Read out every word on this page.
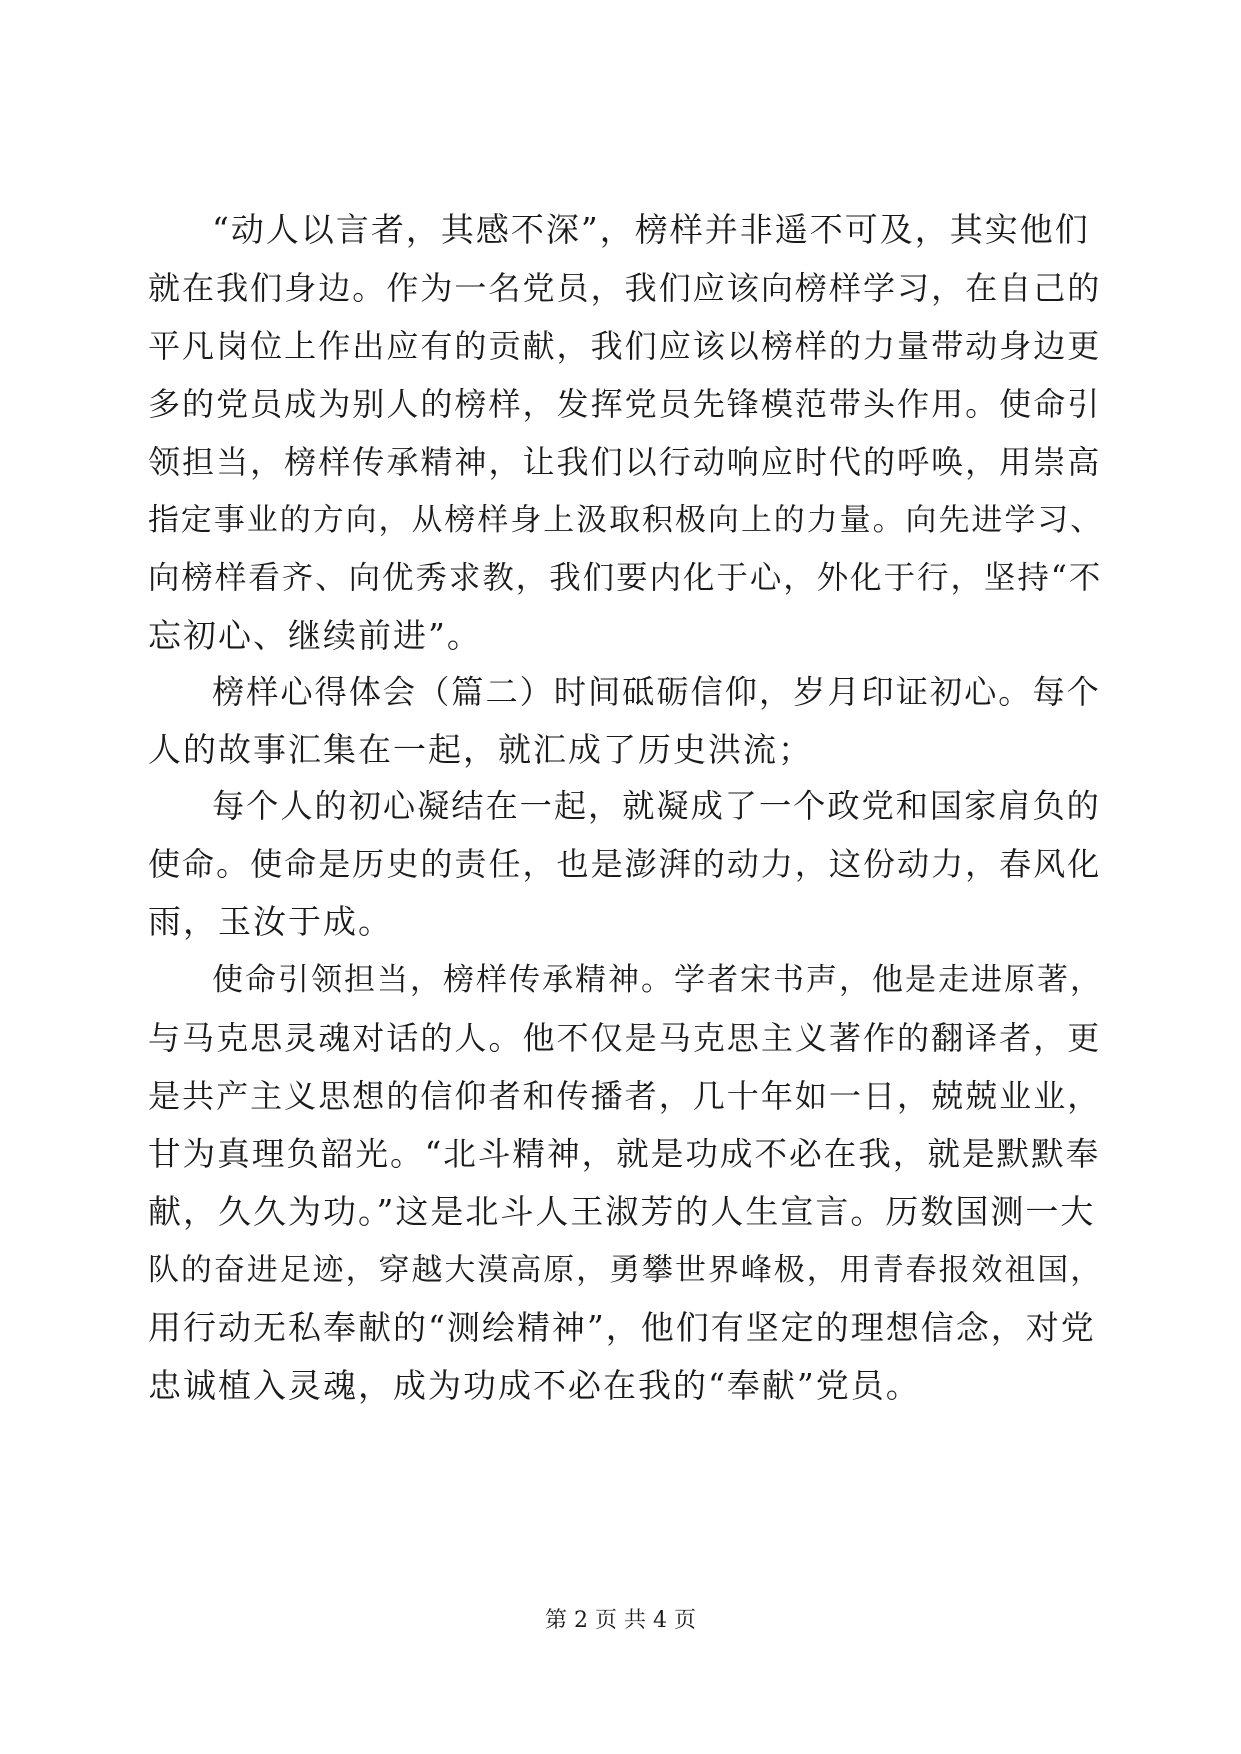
“动人以言者，其感不深”，榜样并非遥不可及，其实他们
就在我们身边。作为一名党员，我们应该向榜样学习，在自己的
平凡岗位上作出应有的贡献，我们应该以榜样的力量带动身边更
多的党员成为别人的榜样，发挥党员先锋模范带头作用。使命引
领担当，榜样传承精神，让我们以行动响应时代的呼唤，用崇高
指定事业的方向，从榜样身上汲取积极向上的力量。向先进学习、
向榜样看齐、向优秀求教，我们要内化于心，外化于行，坚持“不
忘初心、继续前进”。
榜样心得体会（篇二）时间砥砺信仰，岁月印证初心。每个
人的故事汇集在一起，就汇成了历史洪流；
每个人的初心凝结在一起，就凝成了一个政党和国家肩负的
使命。使命是历史的责任，也是澎湃的动力，这份动力，春风化
雨，玉汝于成。
使命引领担当，榜样传承精神。学者宋书声，他是走进原著，
与马克思灵魂对话的人。他不仅是马克思主义著作的翻译者，更
是共产主义思想的信仰者和传播者，几十年如一日，兢兢业业，
甘为真理负韶光。“北斗精神，就是功成不必在我，就是默默奉
献，久久为功。”这是北斗人王淑芳的人生宣言。历数国测一大
队的奋进足迹，穿越大漠高原，勇攀世界峰极，用青春报效祖国，
用行动无私奉献的“测绘精神”，他们有坚定的理想信念，对党
忠诚植入灵魂，成为功成不必在我的“奉献”党员。
第 2 页 共 4 页
